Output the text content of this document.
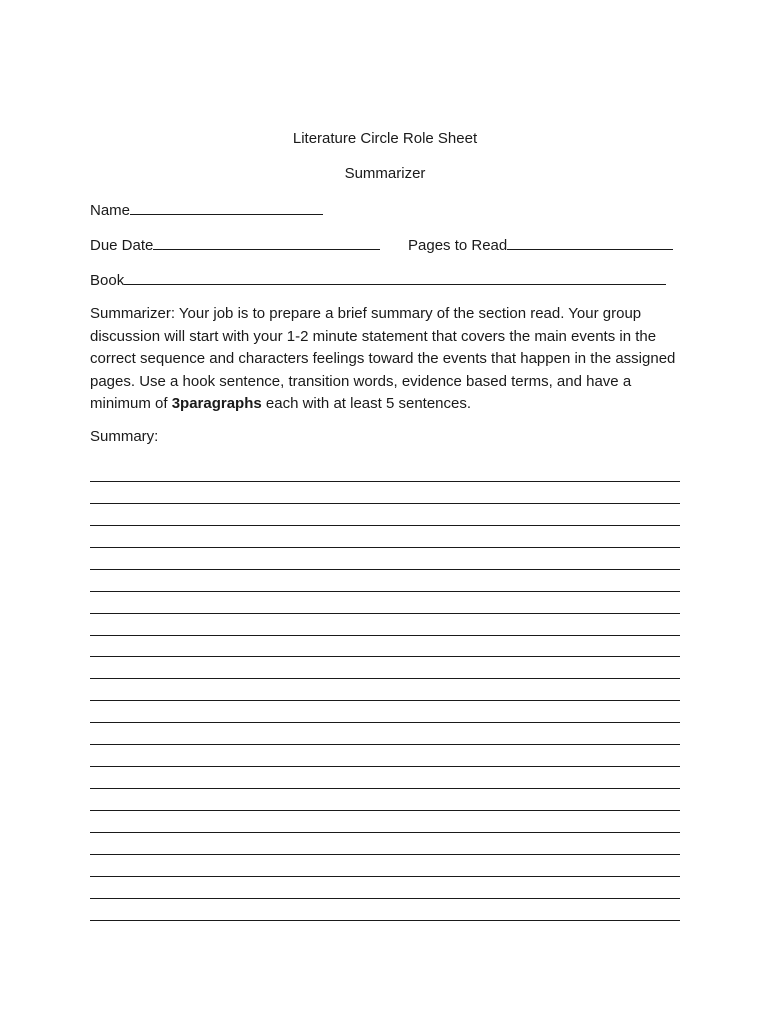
Literature Circle Role Sheet
Summarizer
Name
Due Date	Pages to Read
Book
Summarizer: Your job is to prepare a brief summary of the section read. Your group discussion will start with your 1-2 minute statement that covers the main events in the correct sequence and characters feelings toward the events that happen in the assigned pages. Use a hook sentence, transition words, evidence based terms, and have a minimum of 3paragraphs each with at least 5 sentences.
Summary:
